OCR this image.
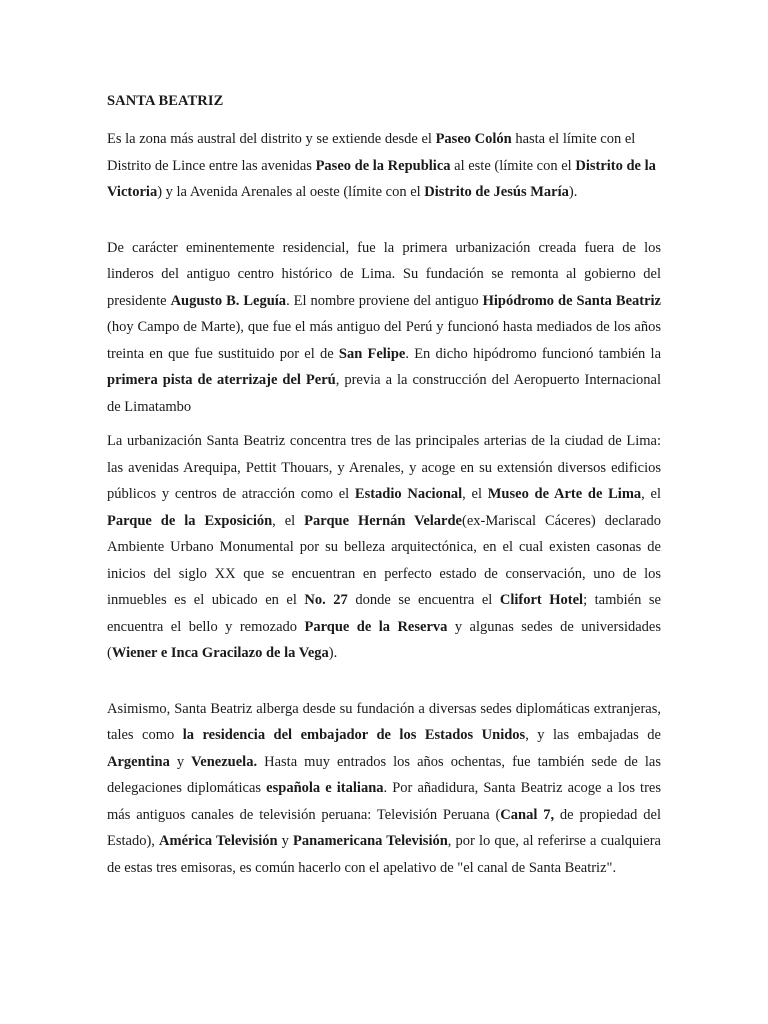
SANTA BEATRIZ

Es la zona más austral del distrito y se extiende desde el Paseo Colón hasta el límite con el Distrito de Lince entre las avenidas Paseo de la Republica al este (límite con el Distrito de la Victoria) y la Avenida Arenales al oeste (límite con el Distrito de Jesús María).

De carácter eminentemente residencial, fue la primera urbanización creada fuera de los linderos del antiguo centro histórico de Lima. Su fundación se remonta al gobierno del presidente Augusto B. Leguía. El nombre proviene del antiguo Hipódromo de Santa Beatriz (hoy Campo de Marte), que fue el más antiguo del Perú y funcionó hasta mediados de los años treinta en que fue sustituido por el de San Felipe. En dicho hipódromo funcionó también la primera pista de aterrizaje del Perú, previa a la construcción del Aeropuerto Internacional de Limatambo

La urbanización Santa Beatriz concentra tres de las principales arterias de la ciudad de Lima: las avenidas Arequipa, Pettit Thouars, y Arenales, y acoge en su extensión diversos edificios públicos y centros de atracción como el Estadio Nacional, el Museo de Arte de Lima, el Parque de la Exposición, el Parque Hernán Velarde(ex-Mariscal Cáceres) declarado Ambiente Urbano Monumental por su belleza arquitectónica, en el cual existen casonas de inicios del siglo XX que se encuentran en perfecto estado de conservación, uno de los inmuebles es el ubicado en el No. 27 donde se encuentra el Clifort Hotel; también se encuentra el bello y remozado Parque de la Reserva y algunas sedes de universidades (Wiener e Inca Gracilazo de la Vega).

Asimismo, Santa Beatriz alberga desde su fundación a diversas sedes diplomáticas extranjeras, tales como la residencia del embajador de los Estados Unidos, y las embajadas de Argentina y Venezuela. Hasta muy entrados los años ochentas, fue también sede de las delegaciones diplomáticas española e italiana. Por añadidura, Santa Beatriz acoge a los tres más antiguos canales de televisión peruana: Televisión Peruana (Canal 7, de propiedad del Estado), América Televisión y Panamericana Televisión, por lo que, al referirse a cualquiera de estas tres emisoras, es común hacerlo con el apelativo de "el canal de Santa Beatriz".
